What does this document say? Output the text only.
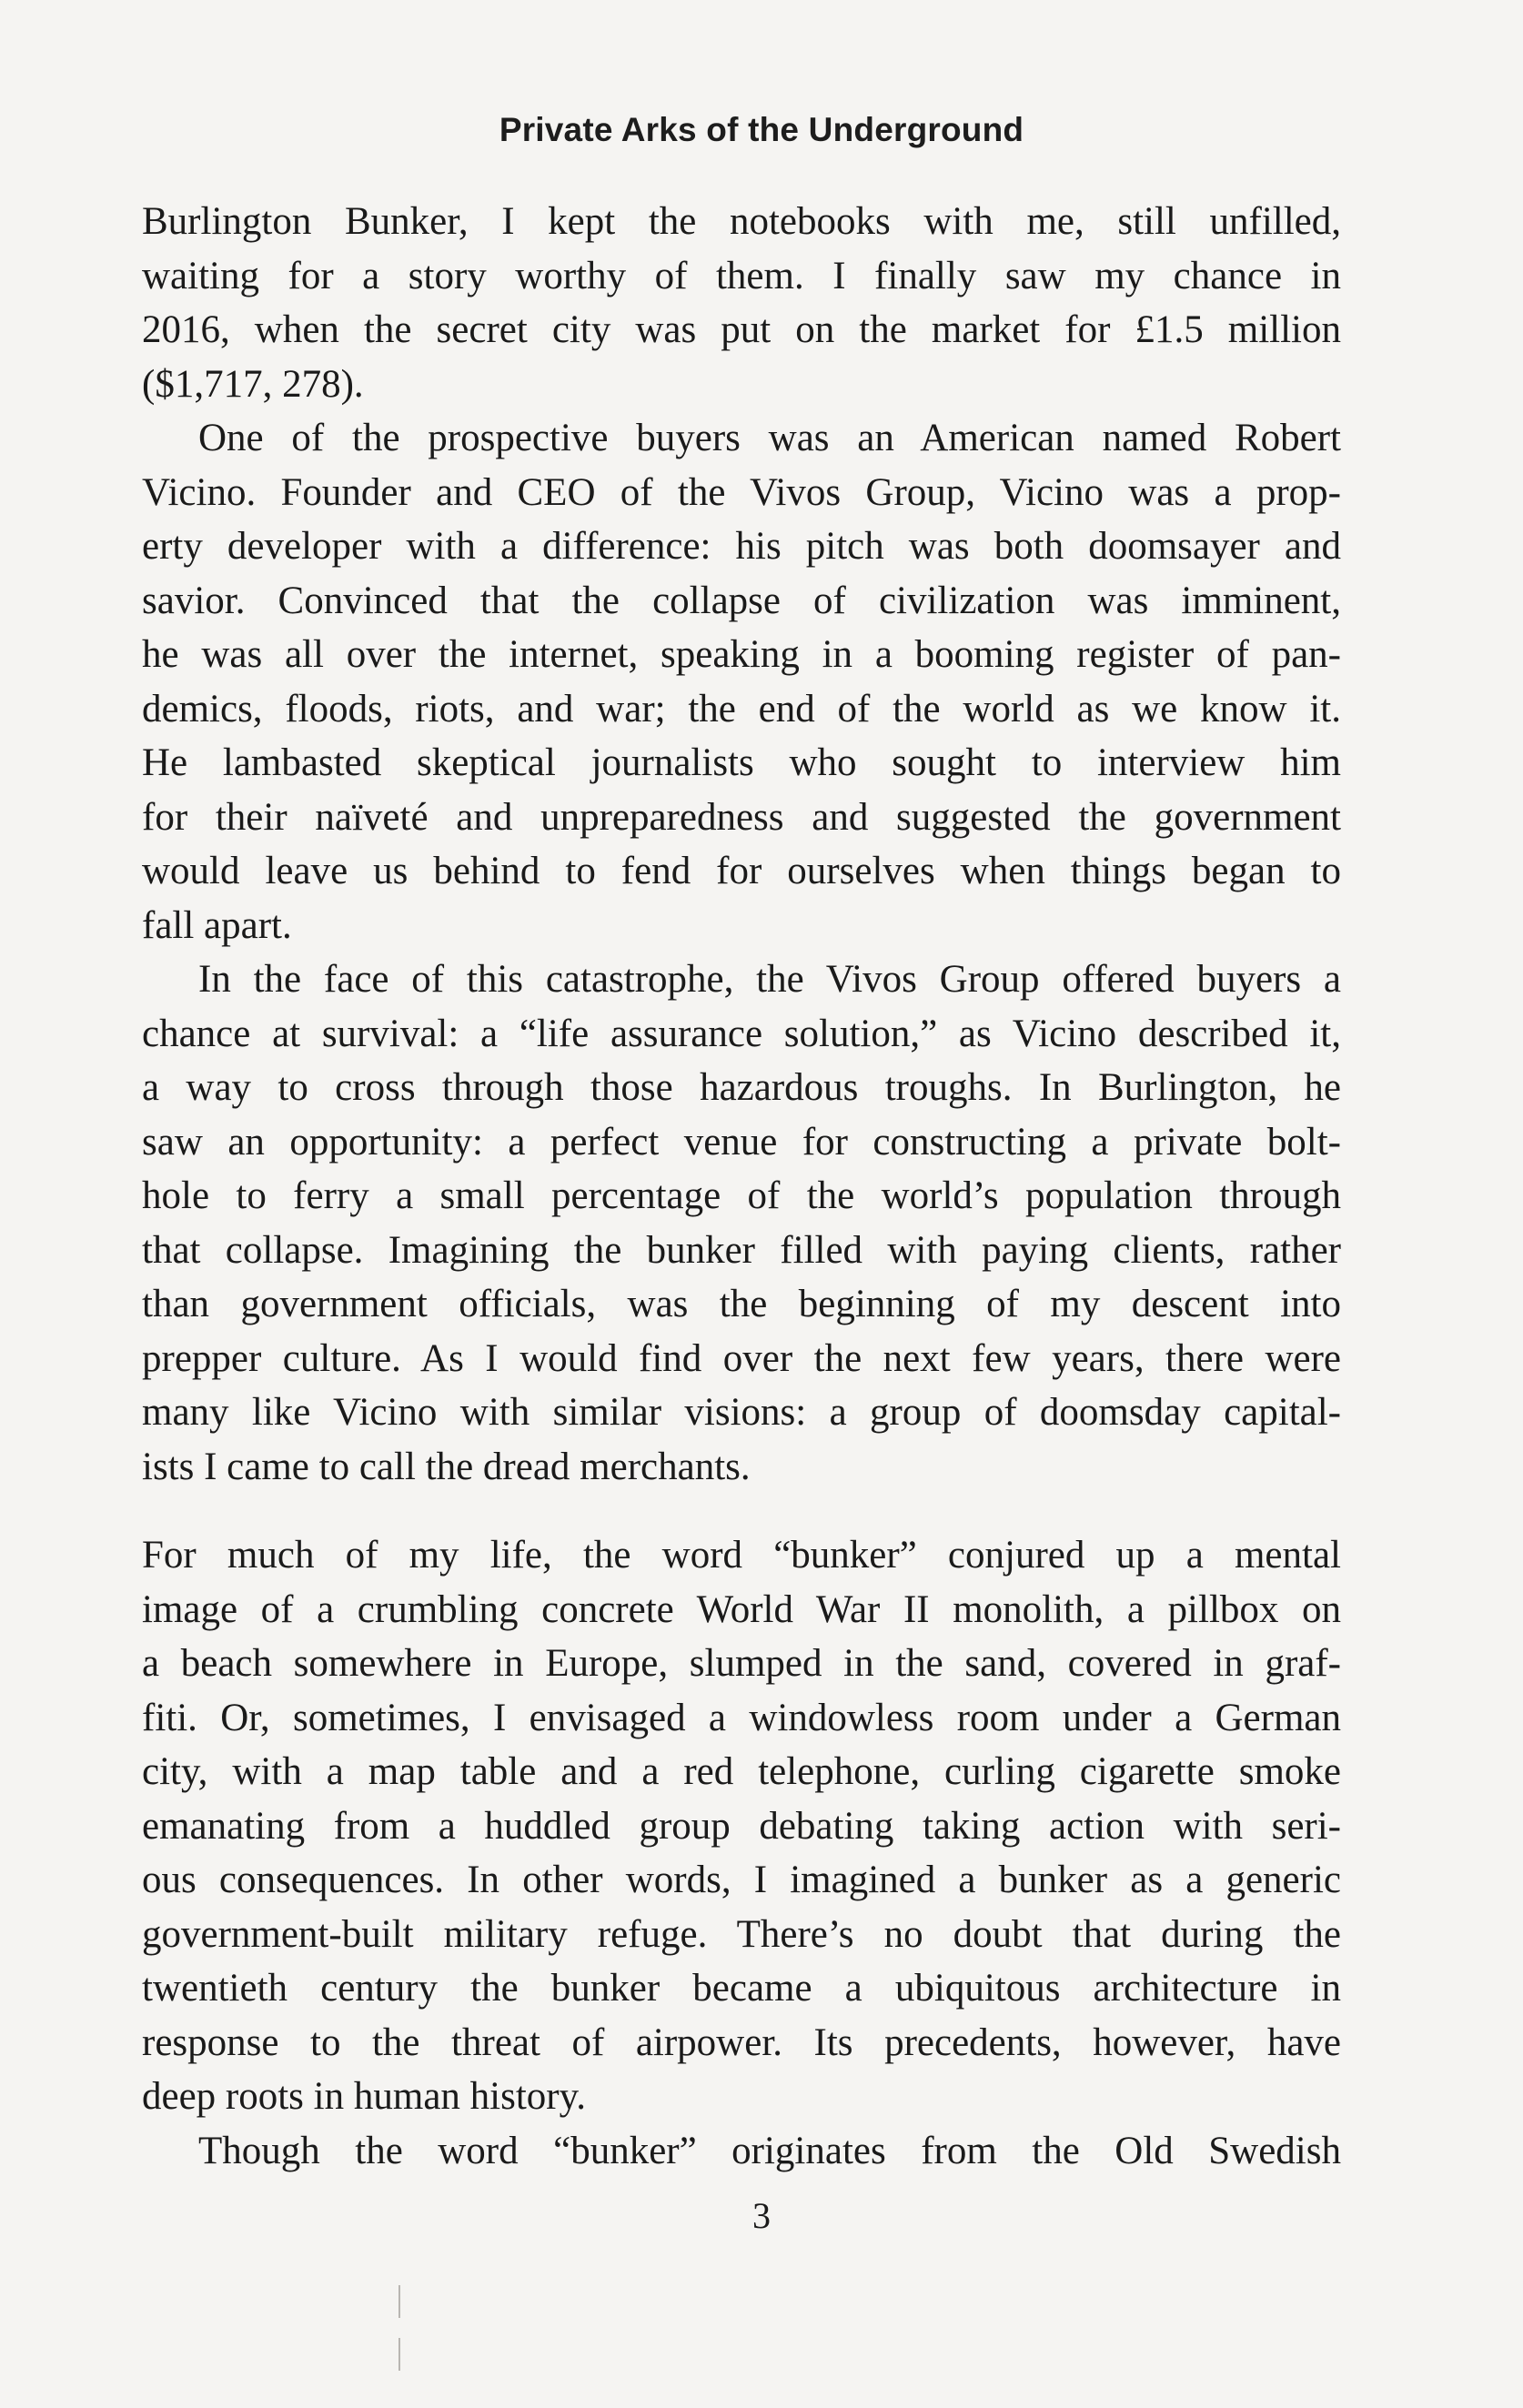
Private Arks of the Underground
Burlington Bunker, I kept the notebooks with me, still unfilled,
waiting for a story worthy of them. I finally saw my chance in
2016, when the secret city was put on the market for £1.5 million
($1,717, 278).
One of the prospective buyers was an American named Robert
Vicino. Founder and CEO of the Vivos Group, Vicino was a prop-
erty developer with a difference: his pitch was both doomsayer and
savior. Convinced that the collapse of civilization was imminent,
he was all over the internet, speaking in a booming register of pan-
demics, floods, riots, and war; the end of the world as we know it.
He lambasted skeptical journalists who sought to interview him
for their naïveté and unpreparedness and suggested the government
would leave us behind to fend for ourselves when things began to
fall apart.
In the face of this catastrophe, the Vivos Group offered buyers a
chance at survival: a “life assurance solution,” as Vicino described it,
a way to cross through those hazardous troughs. In Burlington, he
saw an opportunity: a perfect venue for constructing a private bolt-
hole to ferry a small percentage of the world’s population through
that collapse. Imagining the bunker filled with paying clients, rather
than government officials, was the beginning of my descent into
prepper culture. As I would find over the next few years, there were
many like Vicino with similar visions: a group of doomsday capital-
ists I came to call the dread merchants.
For much of my life, the word “bunker” conjured up a mental
image of a crumbling concrete World War II monolith, a pillbox on
a beach somewhere in Europe, slumped in the sand, covered in graf-
fiti. Or, sometimes, I envisaged a windowless room under a German
city, with a map table and a red telephone, curling cigarette smoke
emanating from a huddled group debating taking action with seri-
ous consequences. In other words, I imagined a bunker as a generic
government-built military refuge. There’s no doubt that during the
twentieth century the bunker became a ubiquitous architecture in
response to the threat of airpower. Its precedents, however, have
deep roots in human history.
Though the word “bunker” originates from the Old Swedish
3
